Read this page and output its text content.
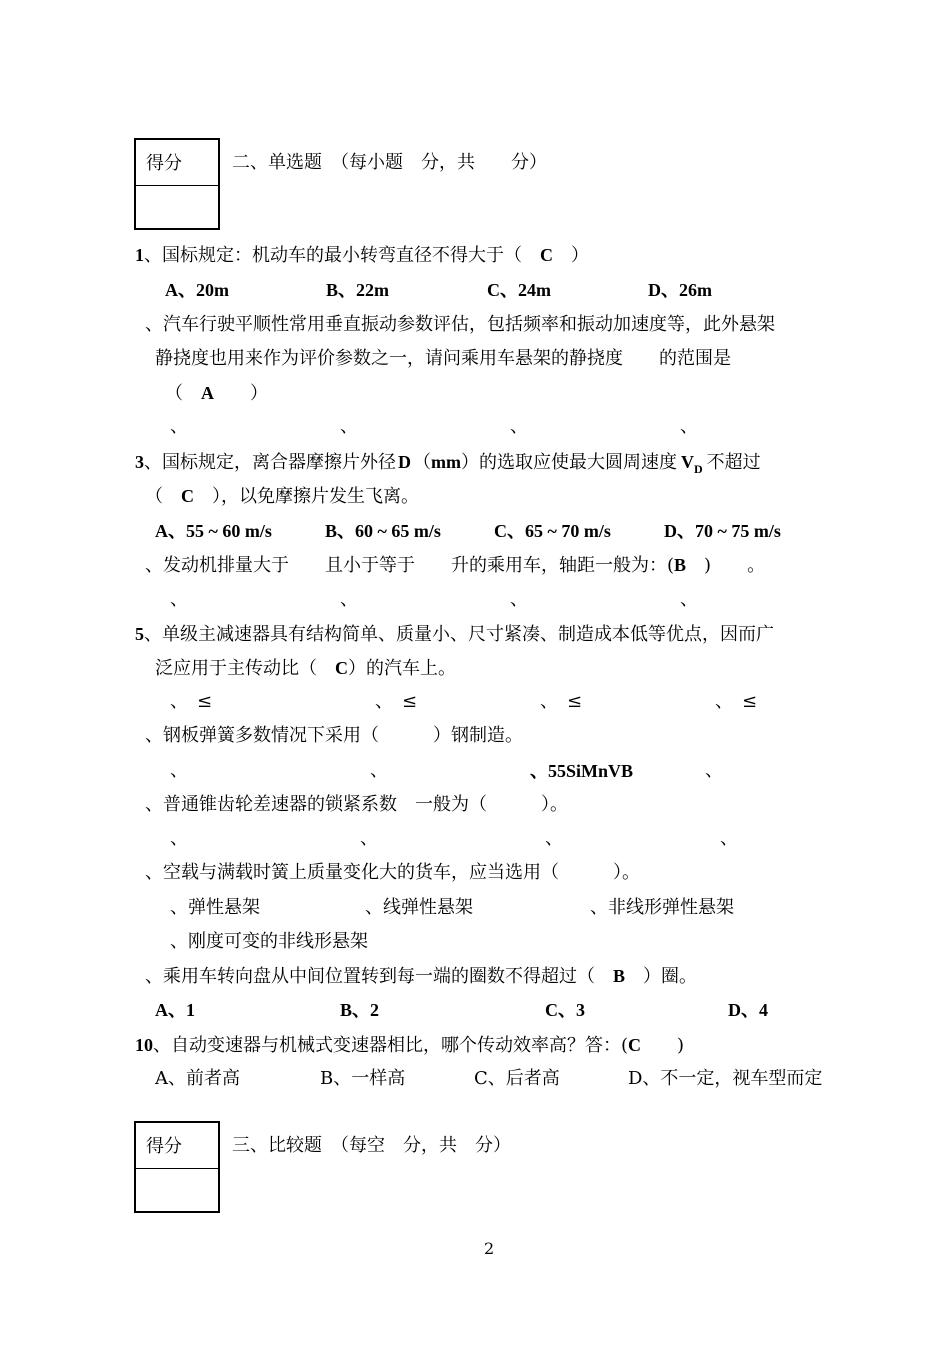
得分	二、单选题　（每小题　分，共　　分）
1、国标规定：机动车的最小转弯直径不得大于（　C　）
A、20m	B、22m	C、24m	D、26m
、汽车行驶平顺性常用垂直振动参数评估，包括频率和振动加速度等，此外悬架
静挠度也用来作为评价参数之一，请问乘用车悬架的静挠度　　的范围是
（　A　　）
、	、	、	、
3、国标规定，离合器摩擦片外径 D （mm）的选取应使最大圆周速度 $V_D$ 不超过
（　C　），以免摩擦片发生飞离。
A、55 ~ 60 m/s	B、60 ~ 65 m/s	C、65 ~ 70 m/s	D、70 ~ 75 m/s
、发动机排量大于　　且小于等于　　升的乘用车，轴距一般为：(B　)　　。
、	、	、	、
5、单级主减速器具有结构简单、质量小、尺寸紧凑、制造成本低等优点，因而广
泛应用于主传动比（　C）的汽车上。
、　≤	、　≤	、　≤	、　≤
、钢板弹簧多数情况下采用（　　　）钢制造。
、	、	、55SiMnVB	、
、普通锥齿轮差速器的锁紧系数　一般为（　　　）。
、	、	、	、
、空载与满载时簧上质量变化大的货车，应当选用（　　　）。
、弹性悬架	、线弹性悬架	、非线形弹性悬架
、刚度可变的非线形悬架
、乘用车转向盘从中间位置转到每一端的圈数不得超过（　B　）圈。
A、1	B、2	C、3	D、4
10、自动变速器与机械式变速器相比，哪个传动效率高？答：(C　　)
A、前者高	B、一样高	C、后者高	D、不一定，视车型而定
得分	三、比较题　（每空　分，共　分）
2
